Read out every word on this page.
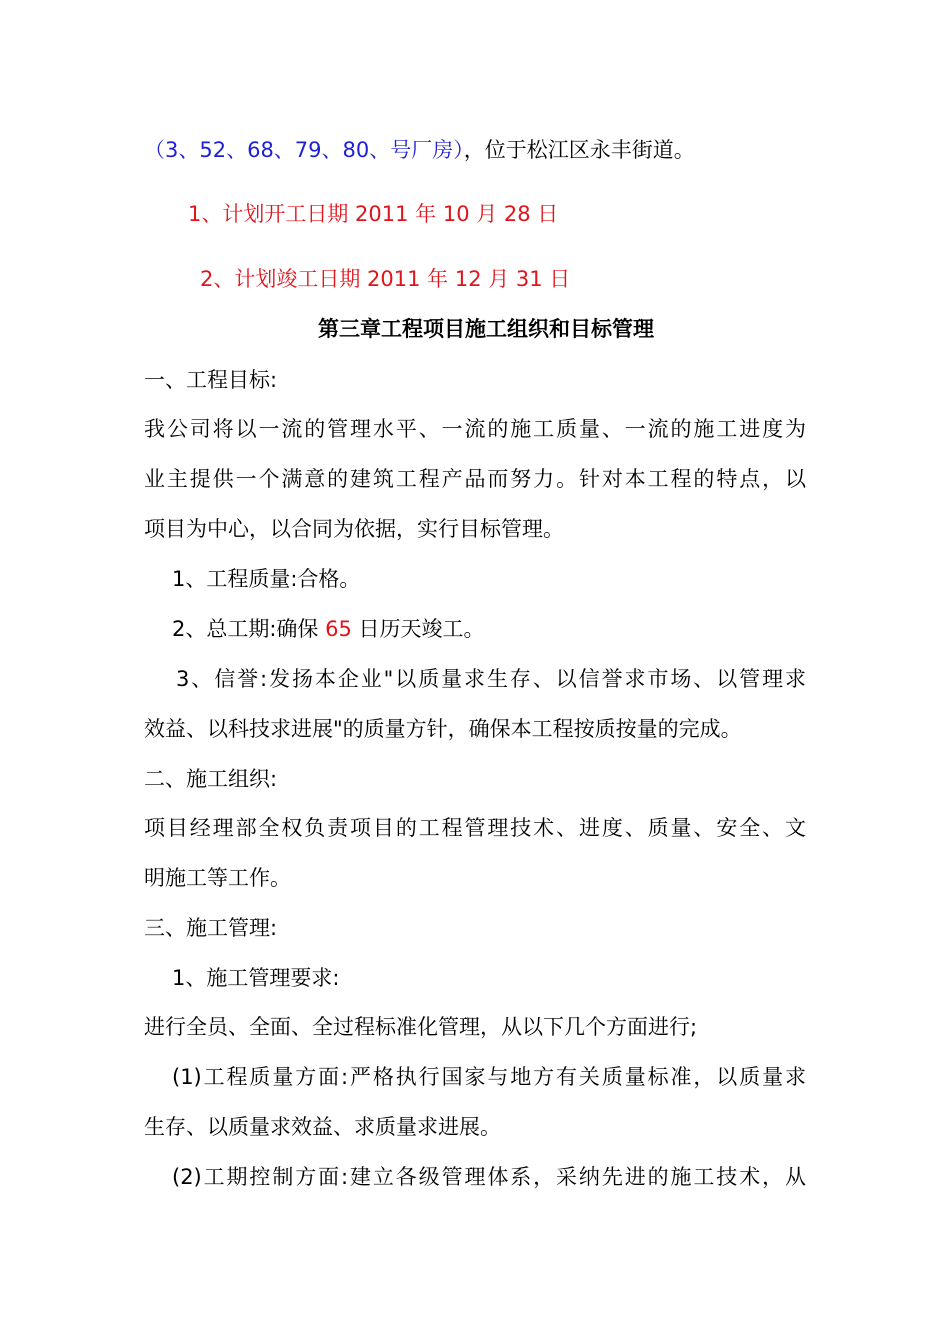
（3、52、68、79、80、号厂房），位于松江区永丰街道。
1、计划开工日期 2011 年 10 月 28 日
2、计划竣工日期 2011 年 12 月 31 日
第三章工程项目施工组织和目标管理
一、工程目标:
我公司将以一流的管理水平、一流的施工质量、一流的施工进度为
业主提供一个满意的建筑工程产品而努力。针对本工程的特点，以
项目为中心，以合同为依据，实行目标管理。
1、工程质量:合格。
2、总工期:确保 65 日历天竣工。
3、信誉:发扬本企业"以质量求生存、以信誉求市场、以管理求
效益、以科技求进展"的质量方针，确保本工程按质按量的完成。
二、施工组织:
项目经理部全权负责项目的工程管理技术、进度、质量、安全、文
明施工等工作。
三、施工管理:
1、施工管理要求:
进行全员、全面、全过程标准化管理，从以下几个方面进行;
(1)工程质量方面:严格执行国家与地方有关质量标准，以质量求
生存、以质量求效益、求质量求进展。
(2)工期控制方面:建立各级管理体系，采纳先进的施工技术，从
